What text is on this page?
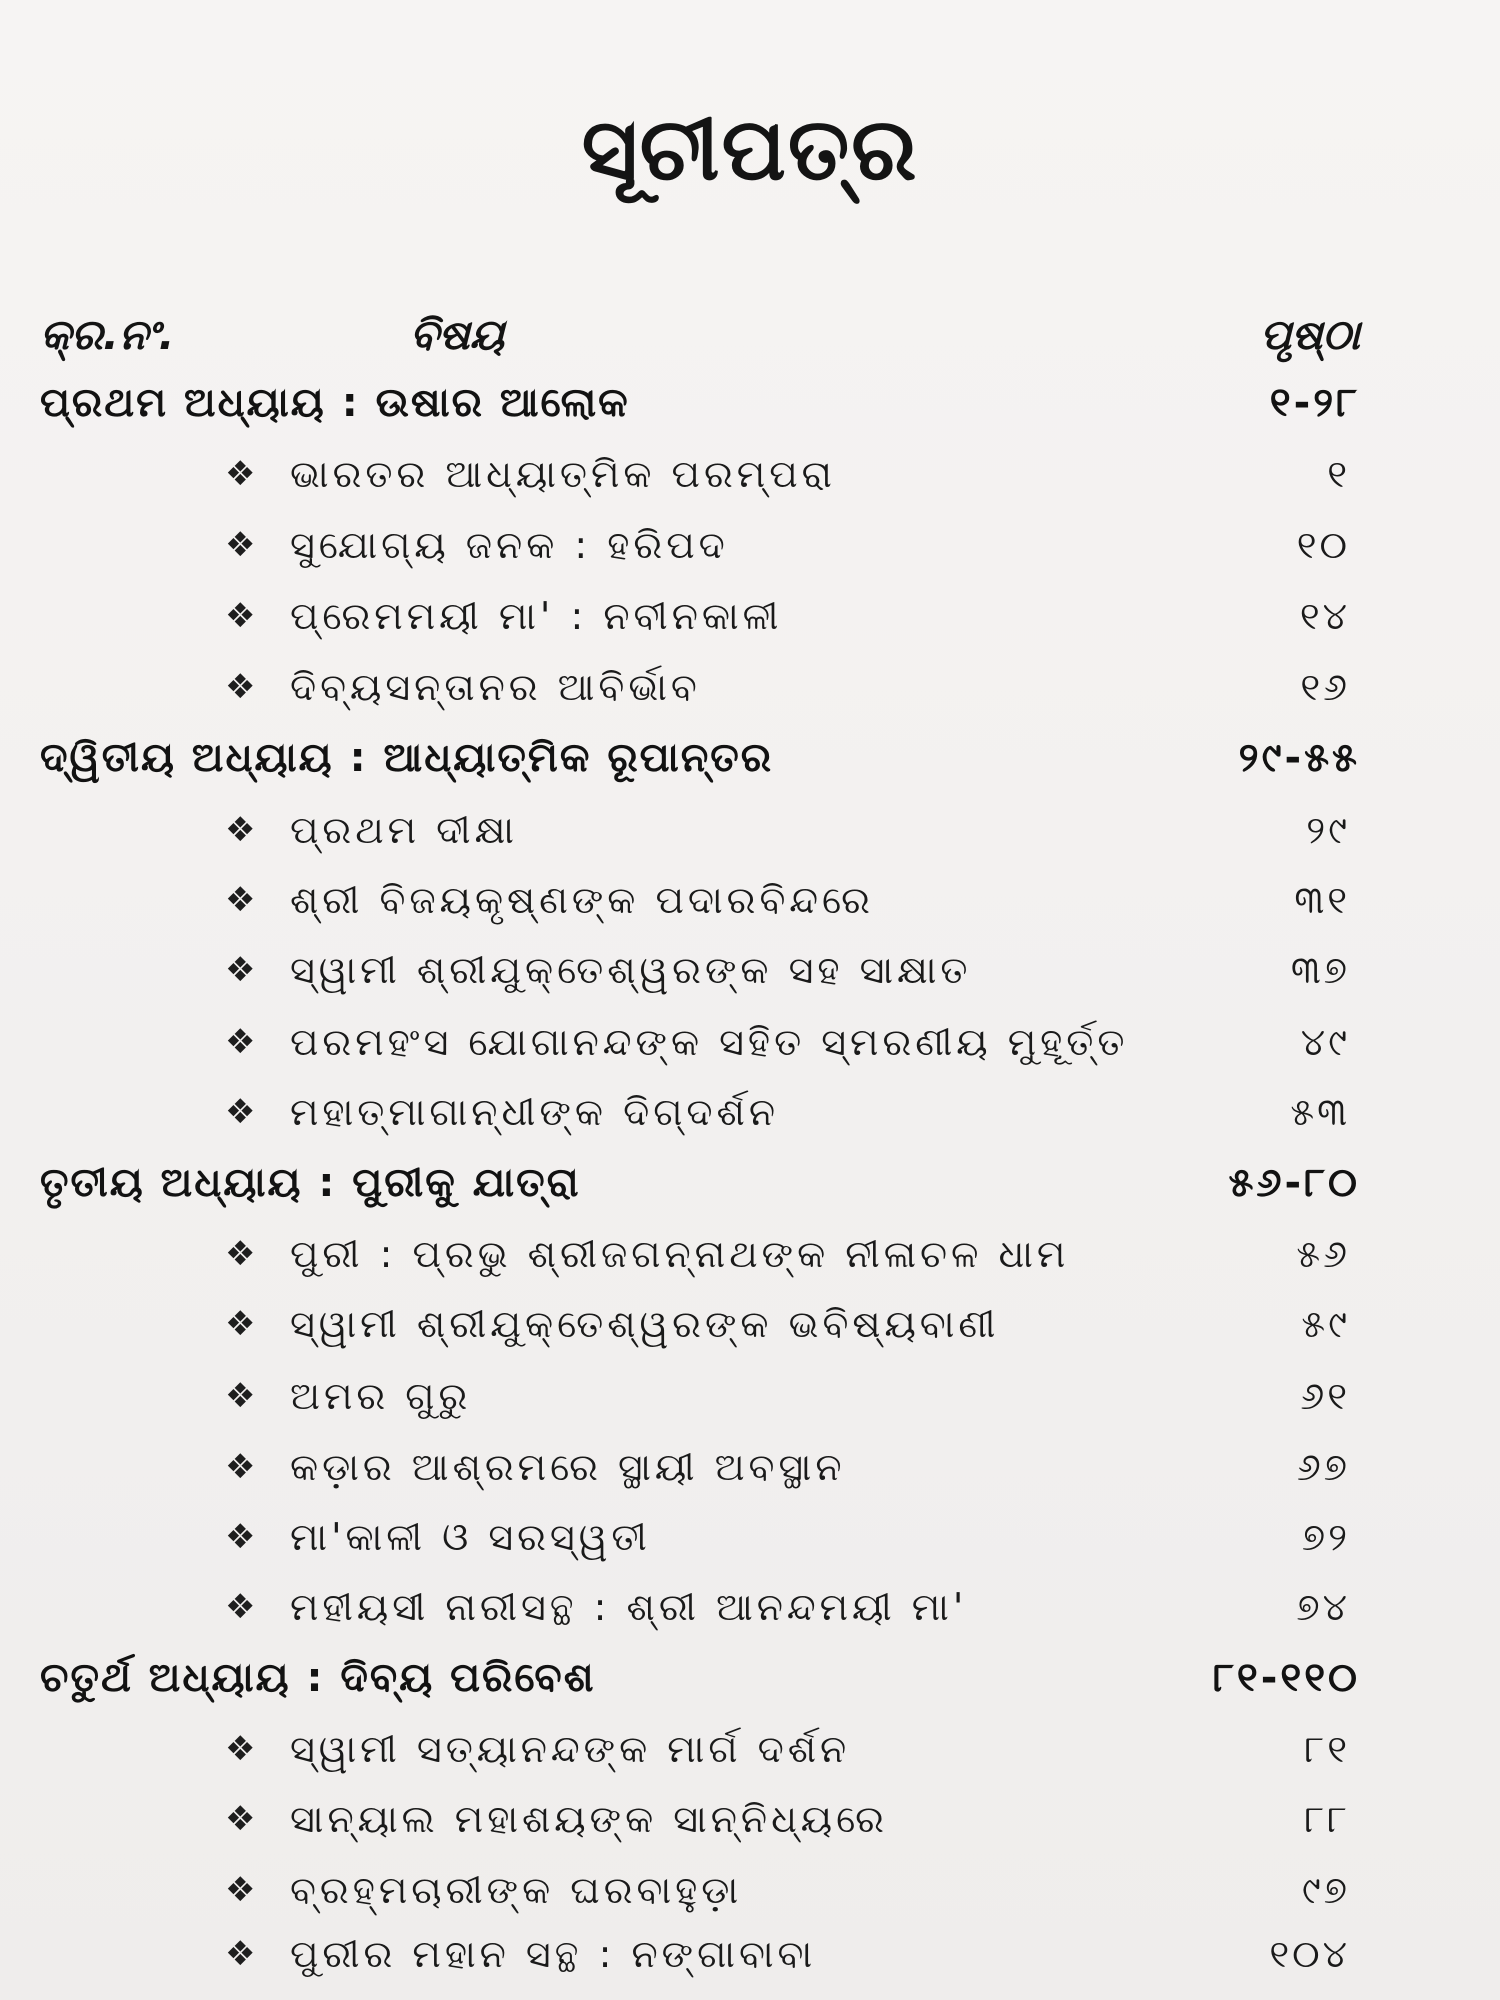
ସୂଚୀପତ୍ର
କ୍ର.ନଂ.	ବିଷୟ	ପୃଷ୍ଠା
ପ୍ରଥମ ଅଧ୍ୟାୟ : ଉଷାର ଆଲୋକ	୧-୨୮
❖ ଭାରତର ଆଧ୍ୟାତ୍ମିକ ପରମ୍ପରା	୧
❖ ସୁଯୋଗ୍ୟ ଜନକ : ହରିପଦ	୧୦
❖ ପ୍ରେମମୟୀ ମା' : ନବୀନକାଳୀ	୧୪
❖ ଦିବ୍ୟସନ୍ତାନର ଆବିର୍ଭାବ	୧୬
ଦ୍ୱିତୀୟ ଅଧ୍ୟାୟ : ଆଧ୍ୟାତ୍ମିକ ରୂପାନ୍ତର	୨୯-୫୫
❖ ପ୍ରଥମ ଦୀକ୍ଷା	୨୯
❖ ଶ୍ରୀ ବିଜୟକୃଷ୍ଣଙ୍କ ପଦାରବିନ୍ଦରେ	୩୧
❖ ସ୍ୱାମୀ ଶ୍ରୀଯୁକ୍ତେଶ୍ୱରଙ୍କ ସହ ସାକ୍ଷାତ	୩୭
❖ ପରମହଂସ ଯୋଗାନନ୍ଦଙ୍କ ସହିତ ସ୍ମରଣୀୟ ମୁହୂର୍ତ୍ତ	୪୯
❖ ମହାତ୍ମାଗାନ୍ଧୀଙ୍କ ଦିଗ୍‌ଦର୍ଶନ	୫୩
ତୃତୀୟ ଅଧ୍ୟାୟ : ପୁରୀକୁ ଯାତ୍ରା	୫୬-୮୦
❖ ପୁରୀ : ପ୍ରଭୁ ଶ୍ରୀଜଗନ୍ନାଥଙ୍କ ନୀଳାଚଳ ଧାମ	୫୬
❖ ସ୍ୱାମୀ ଶ୍ରୀଯୁକ୍ତେଶ୍ୱରଙ୍କ ଭବିଷ୍ୟବାଣୀ	୫୯
❖ ଅମର ଗୁରୁ	୬୧
❖ କଡ଼ାର ଆଶ୍ରମରେ ସ୍ଥାୟୀ ଅବସ୍ଥାନ	୬୭
❖ ମା'କାଳୀ ଓ ସରସ୍ୱତୀ	୭୨
❖ ମହୀୟସୀ ନାରୀସନ୍ଥ : ଶ୍ରୀ ଆନନ୍ଦମୟୀ ମା'	୭୪
ଚତୁର୍ଥ ଅଧ୍ୟାୟ : ଦିବ୍ୟ ପରିବେଶ	୮୧-୧୧୦
❖ ସ୍ୱାମୀ ସତ୍ୟାନନ୍ଦଙ୍କ ମାର୍ଗ ଦର୍ଶନ	୮୧
❖ ସାନ୍ୟାଲ ମହାଶୟଙ୍କ ସାନ୍ନିଧ୍ୟରେ	୮୮
❖ ବ୍ରହ୍ମଚାରୀଙ୍କ ଘରବାହୁଡ଼ା	୯୭
❖ ପୁରୀର ମହାନ ସନ୍ଥ : ନଙ୍ଗାବାବା	୧୦୪
